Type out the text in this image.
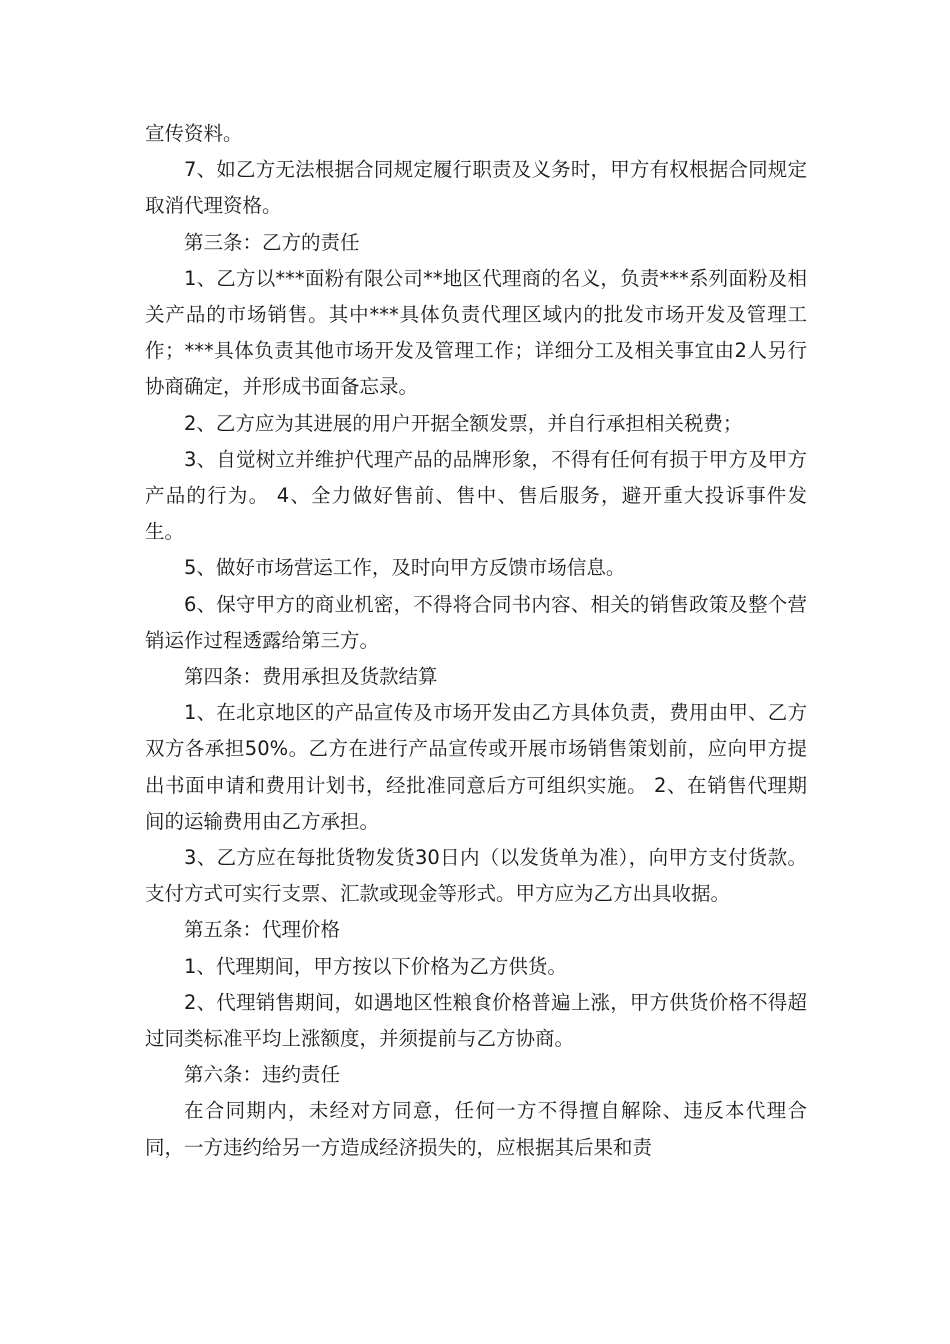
宣传资料。

7、如乙方无法根据合同规定履行职责及义务时，甲方有权根据合同规定取消代理资格。

第三条：乙方的责任

1、乙方以***面粉有限公司**地区代理商的名义，负责***系列面粉及相关产品的市场销售。其中***具体负责代理区域内的批发市场开发及管理工作；***具体负责其他市场开发及管理工作；详细分工及相关事宜由2人另行协商确定，并形成书面备忘录。

2、乙方应为其进展的用户开据全额发票，并自行承担相关税费；

3、自觉树立并维护代理产品的品牌形象，不得有任何有损于甲方及甲方产品的行为。 4、全力做好售前、售中、售后服务，避开重大投诉事件发生。

5、做好市场营运工作，及时向甲方反馈市场信息。

6、保守甲方的商业机密，不得将合同书内容、相关的销售政策及整个营销运作过程透露给第三方。

第四条：费用承担及货款结算

1、在北京地区的产品宣传及市场开发由乙方具体负责，费用由甲、乙方双方各承担50%。乙方在进行产品宣传或开展市场销售策划前，应向甲方提出书面申请和费用计划书，经批准同意后方可组织实施。 2、在销售代理期间的运输费用由乙方承担。

3、乙方应在每批货物发货30日内（以发货单为准），向甲方支付货款。支付方式可实行支票、汇款或现金等形式。甲方应为乙方出具收据。

第五条：代理价格

1、代理期间，甲方按以下价格为乙方供货。

2、代理销售期间，如遇地区性粮食价格普遍上涨，甲方供货价格不得超过同类标准平均上涨额度，并须提前与乙方协商。

第六条：违约责任

在合同期内，未经对方同意，任何一方不得擅自解除、违反本代理合同，一方违约给另一方造成经济损失的，应根据其后果和责
